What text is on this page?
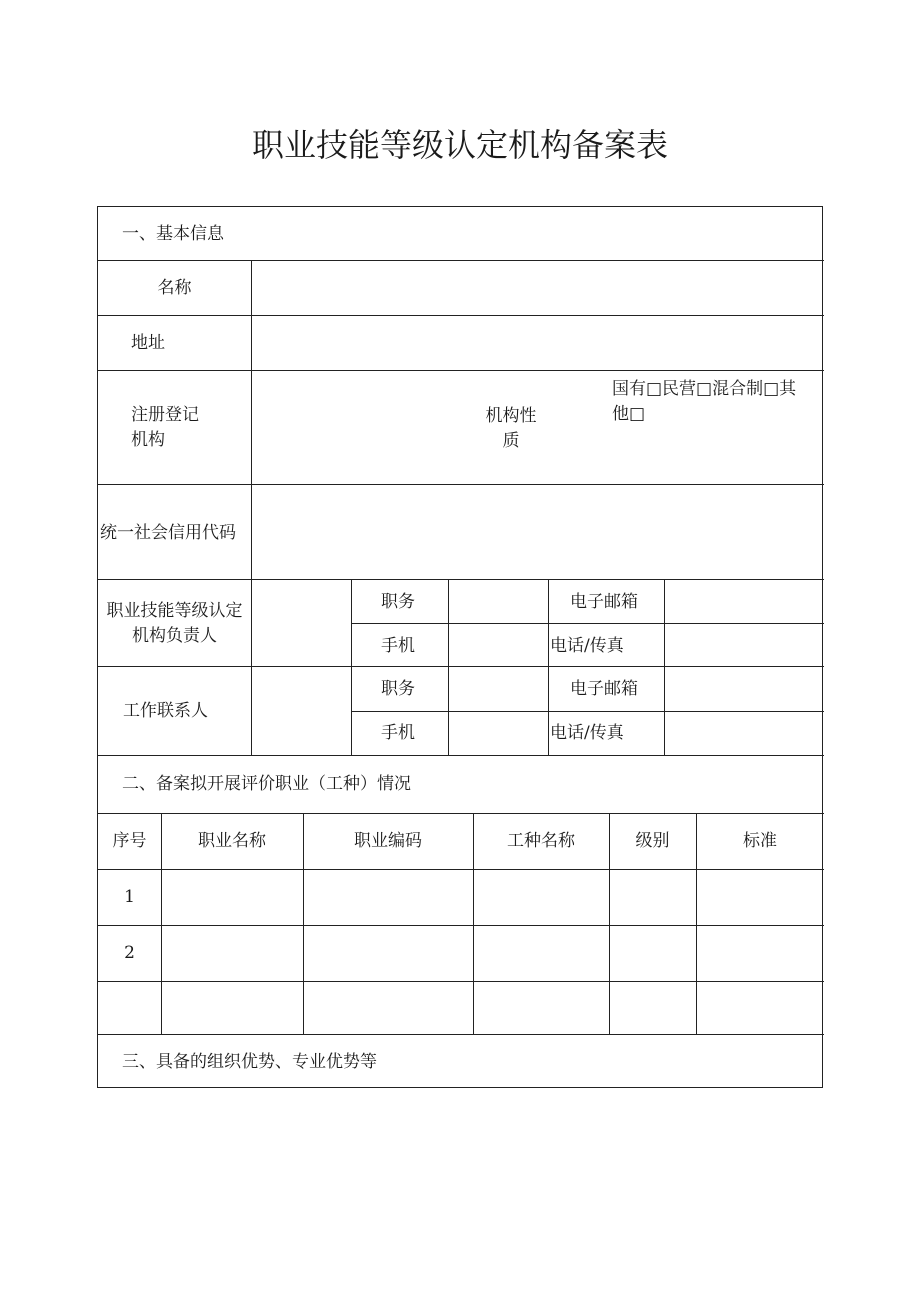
职业技能等级认定机构备案表
一、基本信息
名称
地址
注册登记
机构
机构性
质
国有□民营□混合制□其
他□
统一社会信用代码
职业技能等级认定
机构负责人
职务	电子邮箱
手机	电话/传真
工作联系人
职务	电子邮箱
手机	电话/传真
二、备案拟开展评价职业（工种）情况
序号	职业名称	职业编码	工种名称	级别	标准
1
2
三、具备的组织优势、专业优势等
